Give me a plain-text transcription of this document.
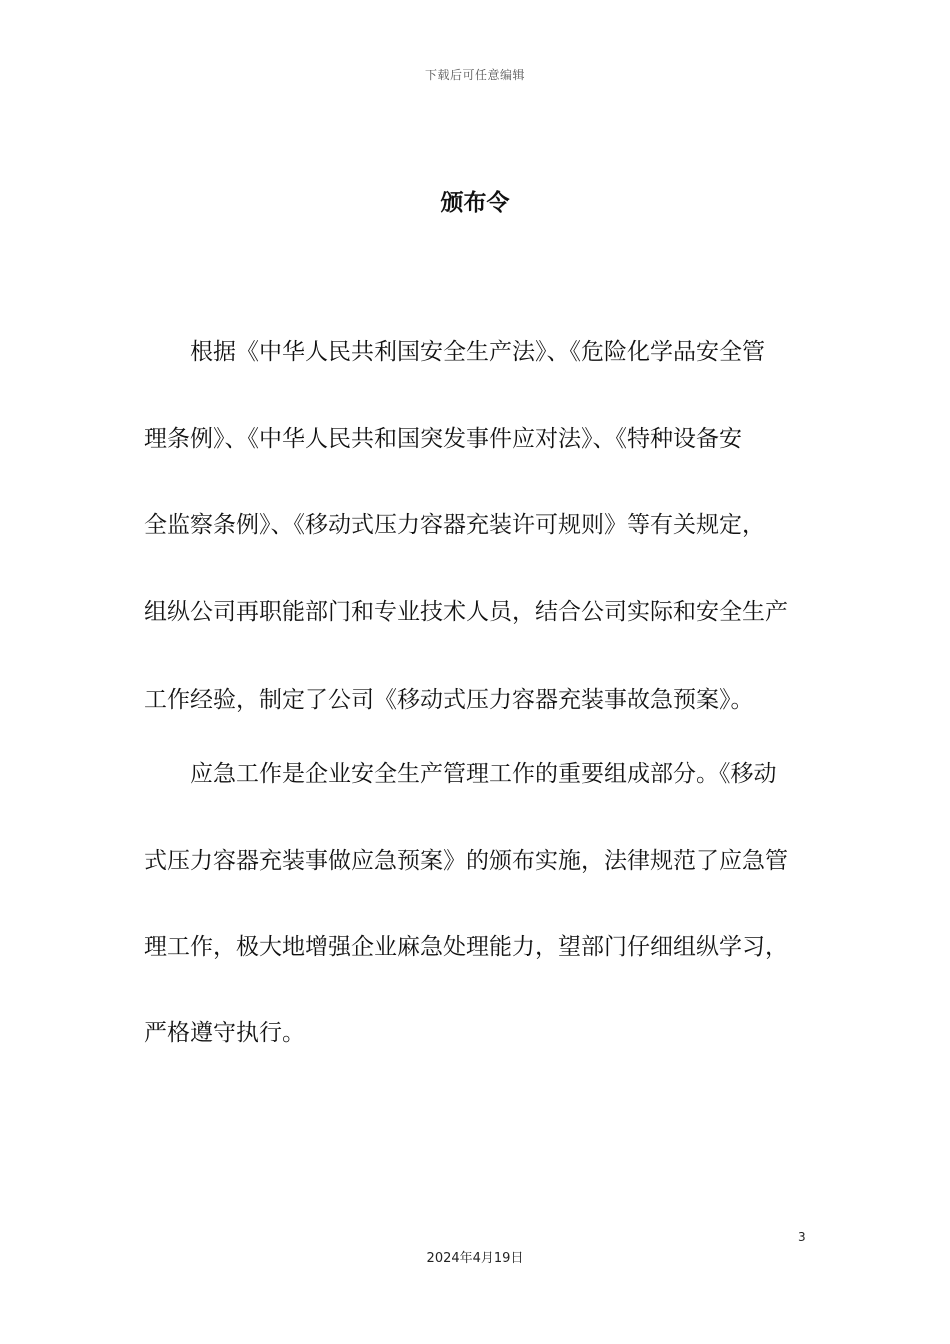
下载后可任意编辑
颁布令
根据《中华人民共利国安全生产法》、《危险化学品安全管
理条例》、《中华人民共和国突发事件应对法》、《特种设备安
全监察条例》、《移动式压力容器充装许可规则》等有关规定，
组纵公司再职能部门和专业技术人员，结合公司实际和安全生产
工作经验，制定了公司《移动式压力容器充装事故急预案》。
应急工作是企业安全生产管理工作的重要组成部分。《移动
式压力容器充装事做应急预案》的颁布实施，法律规范了应急管
理工作，极大地增强企业麻急处理能力，望部门仔细组纵学习，
严格遵守执行。
3
2024年4月19日
